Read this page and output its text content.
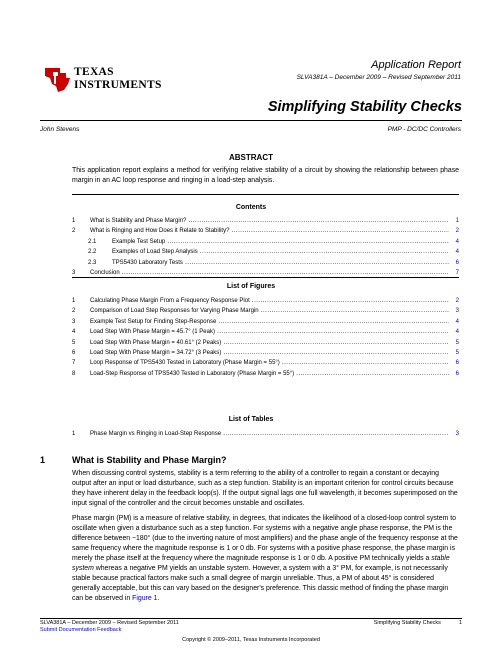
TEXAS
INSTRUMENTS
Application Report
SLVA381A – December 2009 – Revised September 2011
Simplifying Stability Checks
John Stevens	PMP - DC/DC Controllers
ABSTRACT
This application report explains a method for verifying relative stability of a circuit by showing the relationship between phase margin in an AC loop response and ringing in a load-step analysis.
Contents
1 What is Stability and Phase Margin? .....	1
2 What is Ringing and How Does it Relate to Stability? .....	2
2.1	Example Test Setup .....	4
2.2	Examples of Load Step Analysis .....	4
2.3	TPS5430 Laboratory Tests .....	6
3 Conclusion .....	7
List of Figures
1 Calculating Phase Margin From a Frequency Response Plot .....	2
2 Comparison of Load Step Responses for Varying Phase Margin .....	3
3 Example Test Setup for Finding Step-Response .....	4
4 Load Step With Phase Margin = 45.7° (1 Peak) .....	4
5 Load Step With Phase Margin = 40.61° (2 Peaks) .....	5
6 Load Step With Phase Margin = 34.72° (3 Peaks) .....	5
7 Loop Response of TPS5430 Tested in Laboratory (Phase Margin = 55°) .....	6
8 Load-Step Response of TPS5430 Tested in Laboratory (Phase Margin = 55°) .....	6
List of Tables
1 Phase Margin vs Ringing in Load-Step Response .....	3
1	What is Stability and Phase Margin?
When discussing control systems, stability is a term referring to the ability of a controller to regain a constant or decaying output after an input or load disturbance, such as a step function. Stability is an important criterion for control circuits because they have inherent delay in the feedback loop(s). If the output signal lags one full wavelength, it becomes superimposed on the input signal of the controller and the circuit becomes unstable and oscillates.
Phase margin (PM) is a measure of relative stability, in degrees, that indicates the likelihood of a closed-loop control system to oscillate when given a disturbance such as a step function. For systems with a negative angle phase response, the PM is the difference between −180° (due to the inverting nature of most amplifiers) and the phase angle of the frequency response at the same frequency where the magnitude response is 1 or 0 db. For systems with a positive phase response, the phase margin is merely the phase itself at the frequency where the magnitude response is 1 or 0 db. A positive PM technically yields a stable system whereas a negative PM yields an unstable system. However, a system with a 3° PM, for example, is not necessarily stable because practical factors make such a small degree of margin unreliable. Thus, a PM of about 45° is considered generally acceptable, but this can vary based on the designer's preference. This classic method of finding the phase margin can be observed in Figure 1.
SLVA381A – December 2009 – Revised September 2011
Submit Documentation Feedback
Simplifying Stability Checks	1
Copyright © 2009–2011, Texas Instruments Incorporated
